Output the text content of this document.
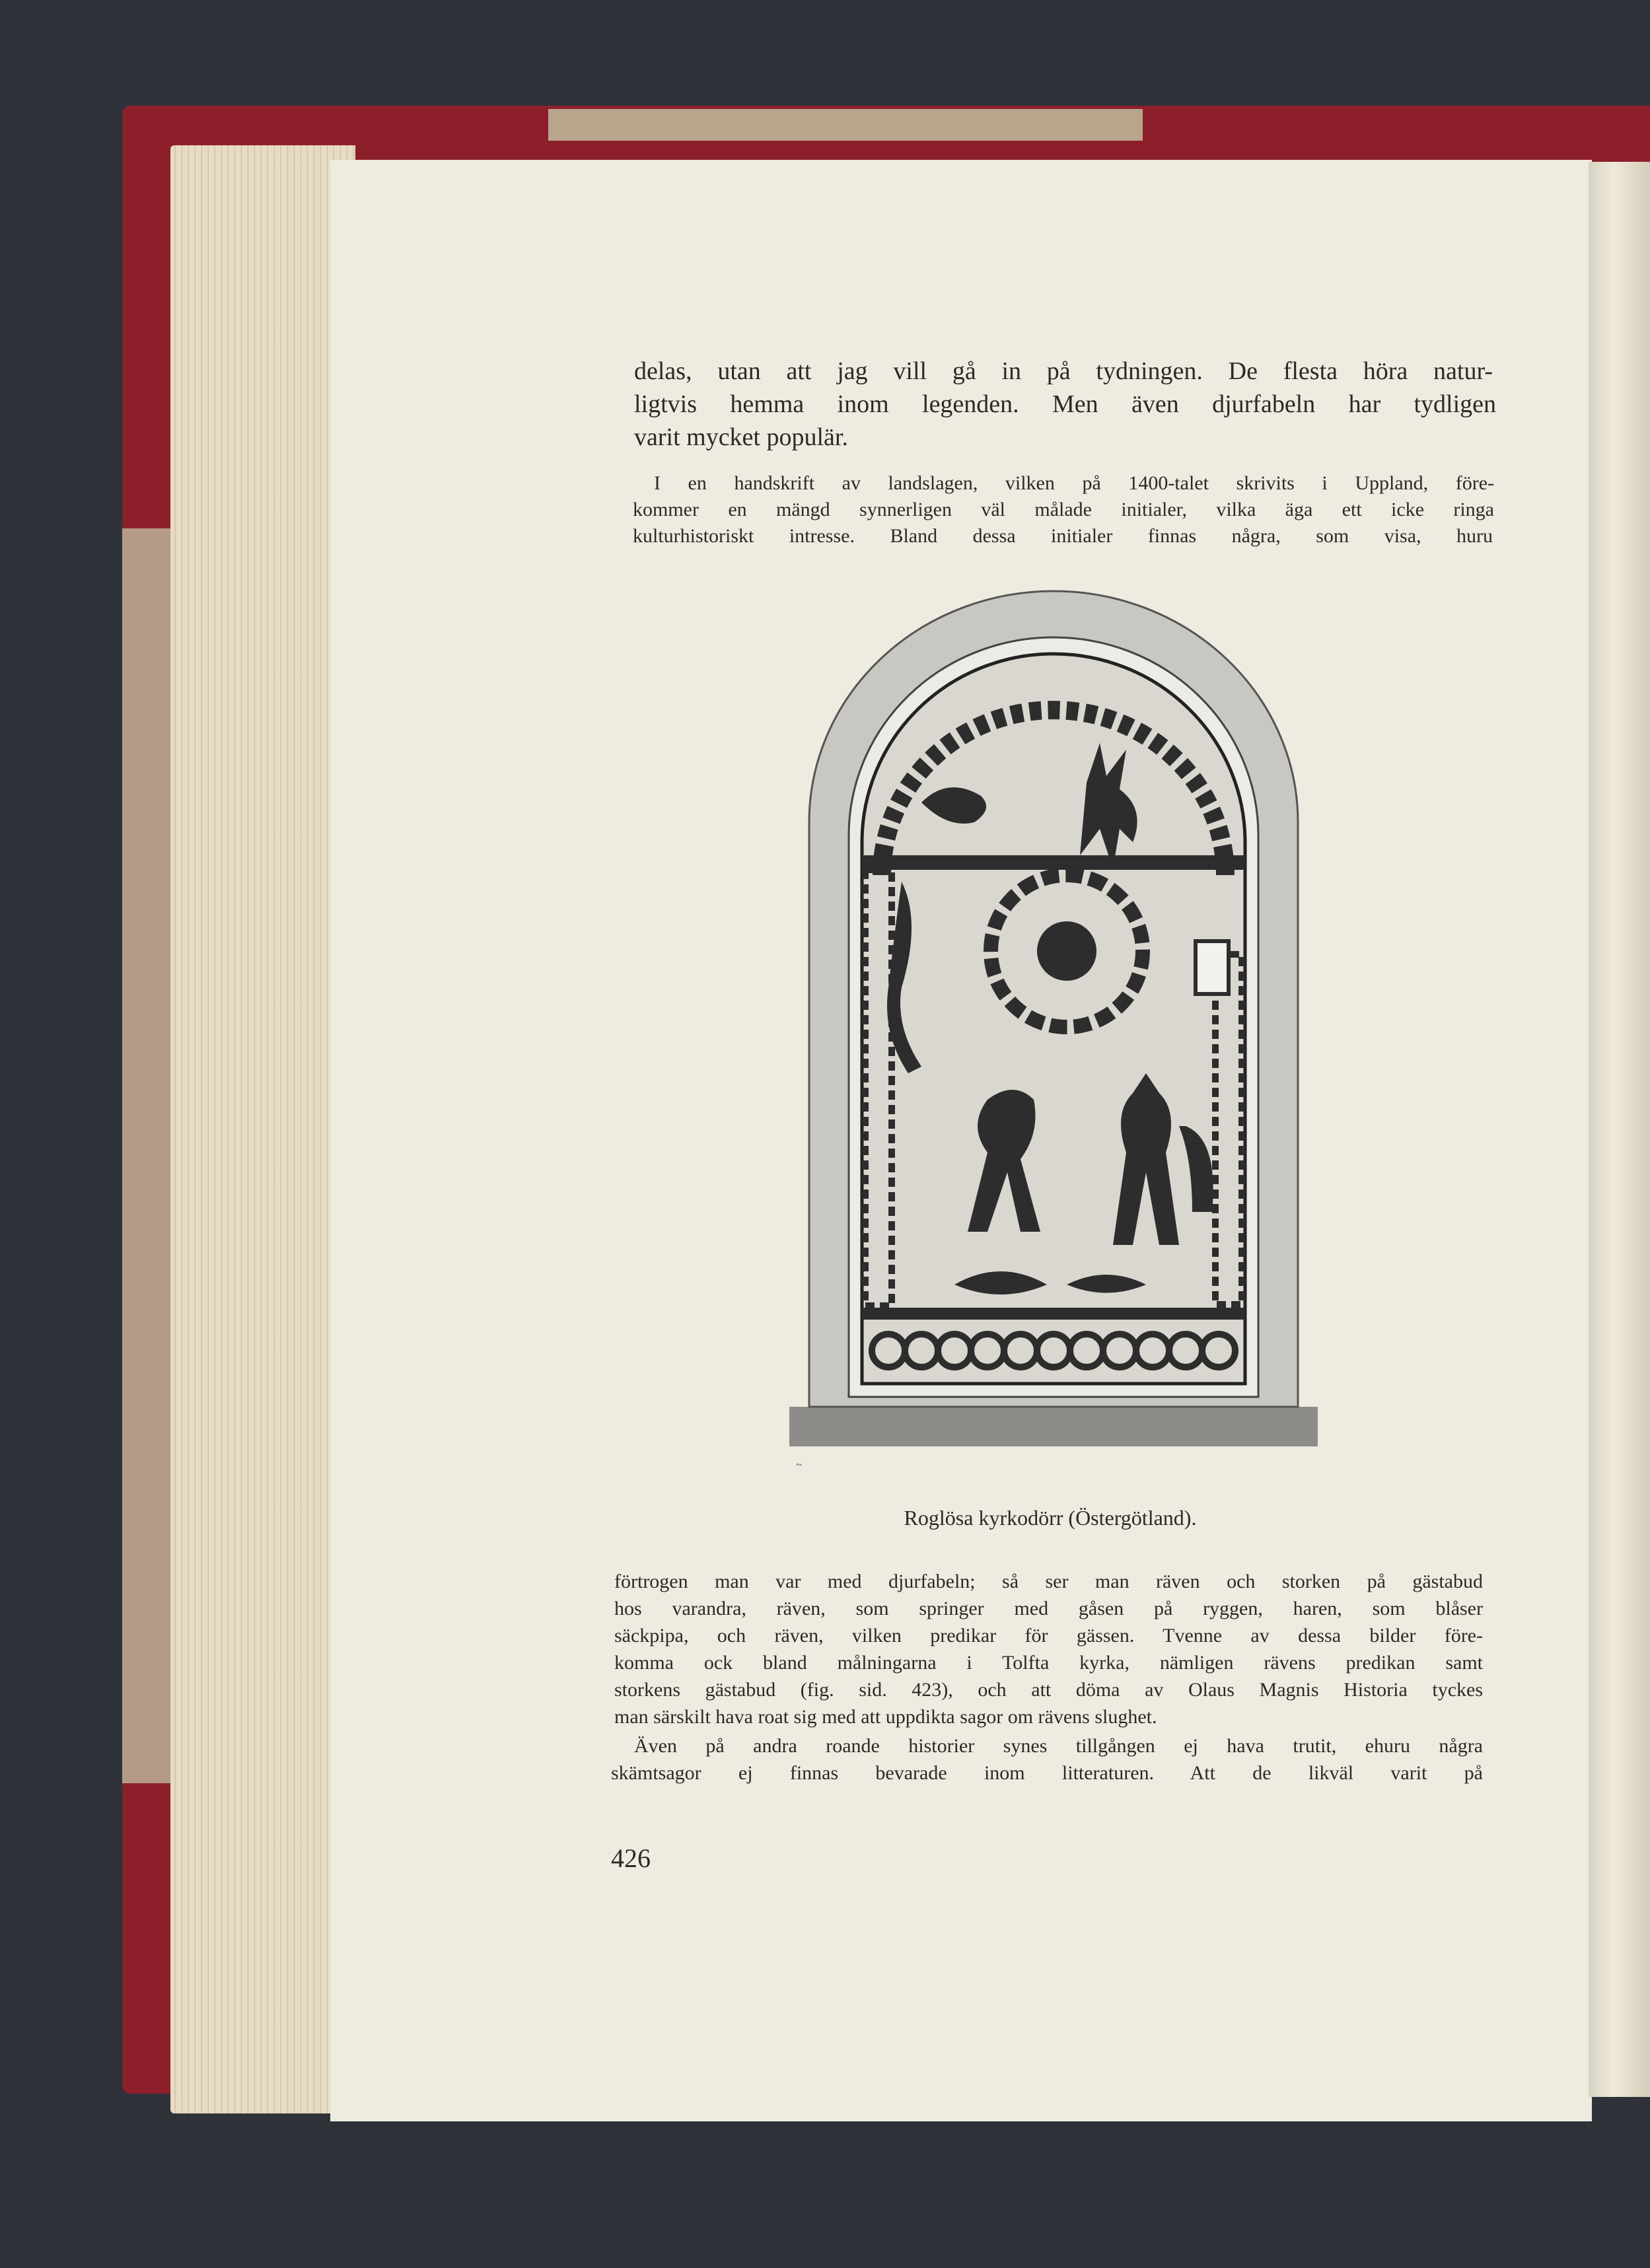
delas, utan att jag vill gå in på tydningen. De flesta höra natur-

ligtvis hemma inom legenden. Men även djurfabeln har tydligen

varit mycket populär.

I en handskrift av landslagen, vilken på 1400-talet skrivits i Uppland, före-

kommer en mängd synnerligen väl målade initialer, vilka äga ett icke ringa

kulturhistoriskt intresse. Bland dessa initialer finnas några, som visa, huru

~
Roglösa kyrkodörr (Östergötland).

förtrogen man var med djurfabeln; så ser man räven och storken på gästabud

hos varandra, räven, som springer med gåsen på ryggen, haren, som blåser

säckpipa, och räven, vilken predikar för gässen. Tvenne av dessa bilder före-

komma ock bland målningarna i Tolfta kyrka, nämligen rävens predikan samt

storkens gästabud (fig. sid. 423), och att döma av Olaus Magnis Historia tyckes

man särskilt hava roat sig med att uppdikta sagor om rävens slughet.

Även på andra roande historier synes tillgången ej hava trutit, ehuru några

skämtsagor ej finnas bevarade inom litteraturen. Att de likväl varit på

426
